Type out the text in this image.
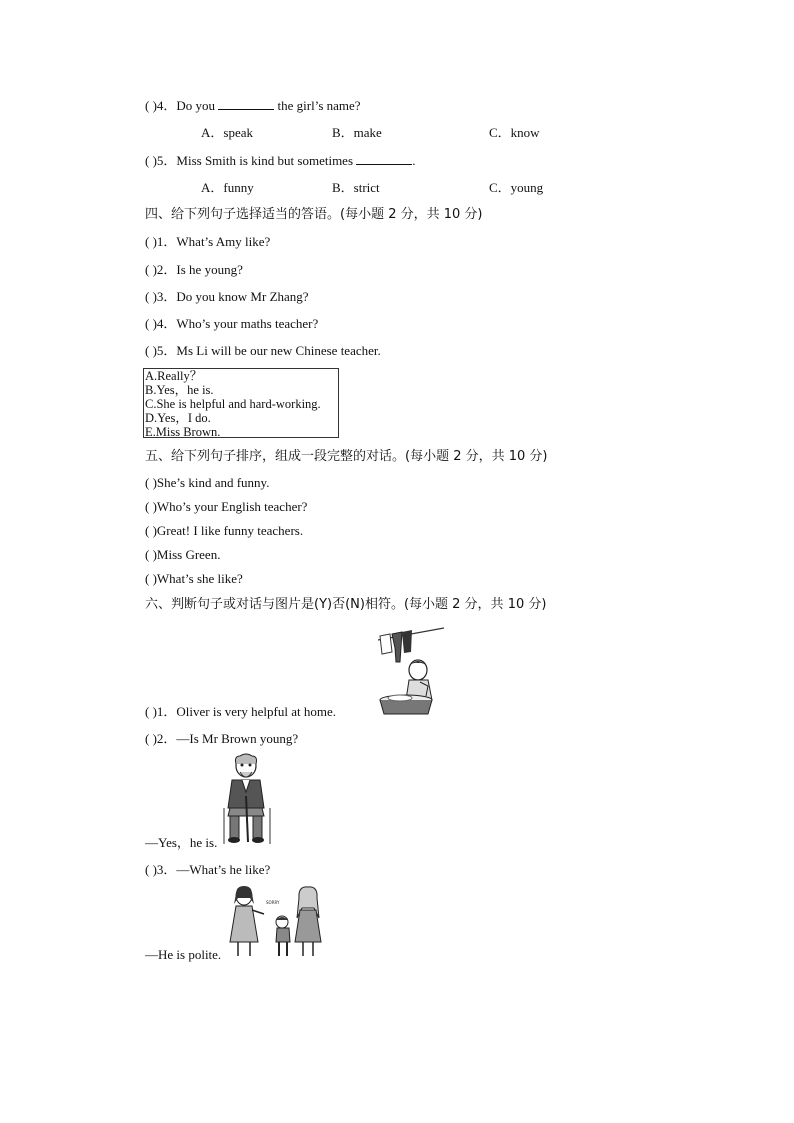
( )4．Do you	the girl’s name?
A．speak	B．make	C．know
( )5．Miss Smith is kind but sometimes	.
A．funny	B．strict	C．young
四、给下列句子选择适当的答语。(每小题 2 分，共 10 分)
( )1．What’s Amy like?
( )2．Is he young?
( )3．Do you know Mr Zhang?
( )4．Who’s your maths teacher?
( )5．Ms Li will be our new Chinese teacher.
A.Really？
B.Yes，he is.
C.She is helpful and hard-working.
D.Yes，I do.
E.Miss Brown.
五、给下列句子排序，组成一段完整的对话。(每小题 2 分，共 10 分)
( )She’s kind and funny.
( )Who’s your English teacher?
( )Great! I like funny teachers.
( )Miss Green.
( )What’s she like?
六、判断句子或对话与图片是(Y)否(N)相符。(每小题 2 分，共 10 分)
( )1．Oliver is very helpful at home.
( )2．—Is Mr Brown young?
—Yes，he is.
( )3．—What’s he like?
SORRY
—He is polite.
